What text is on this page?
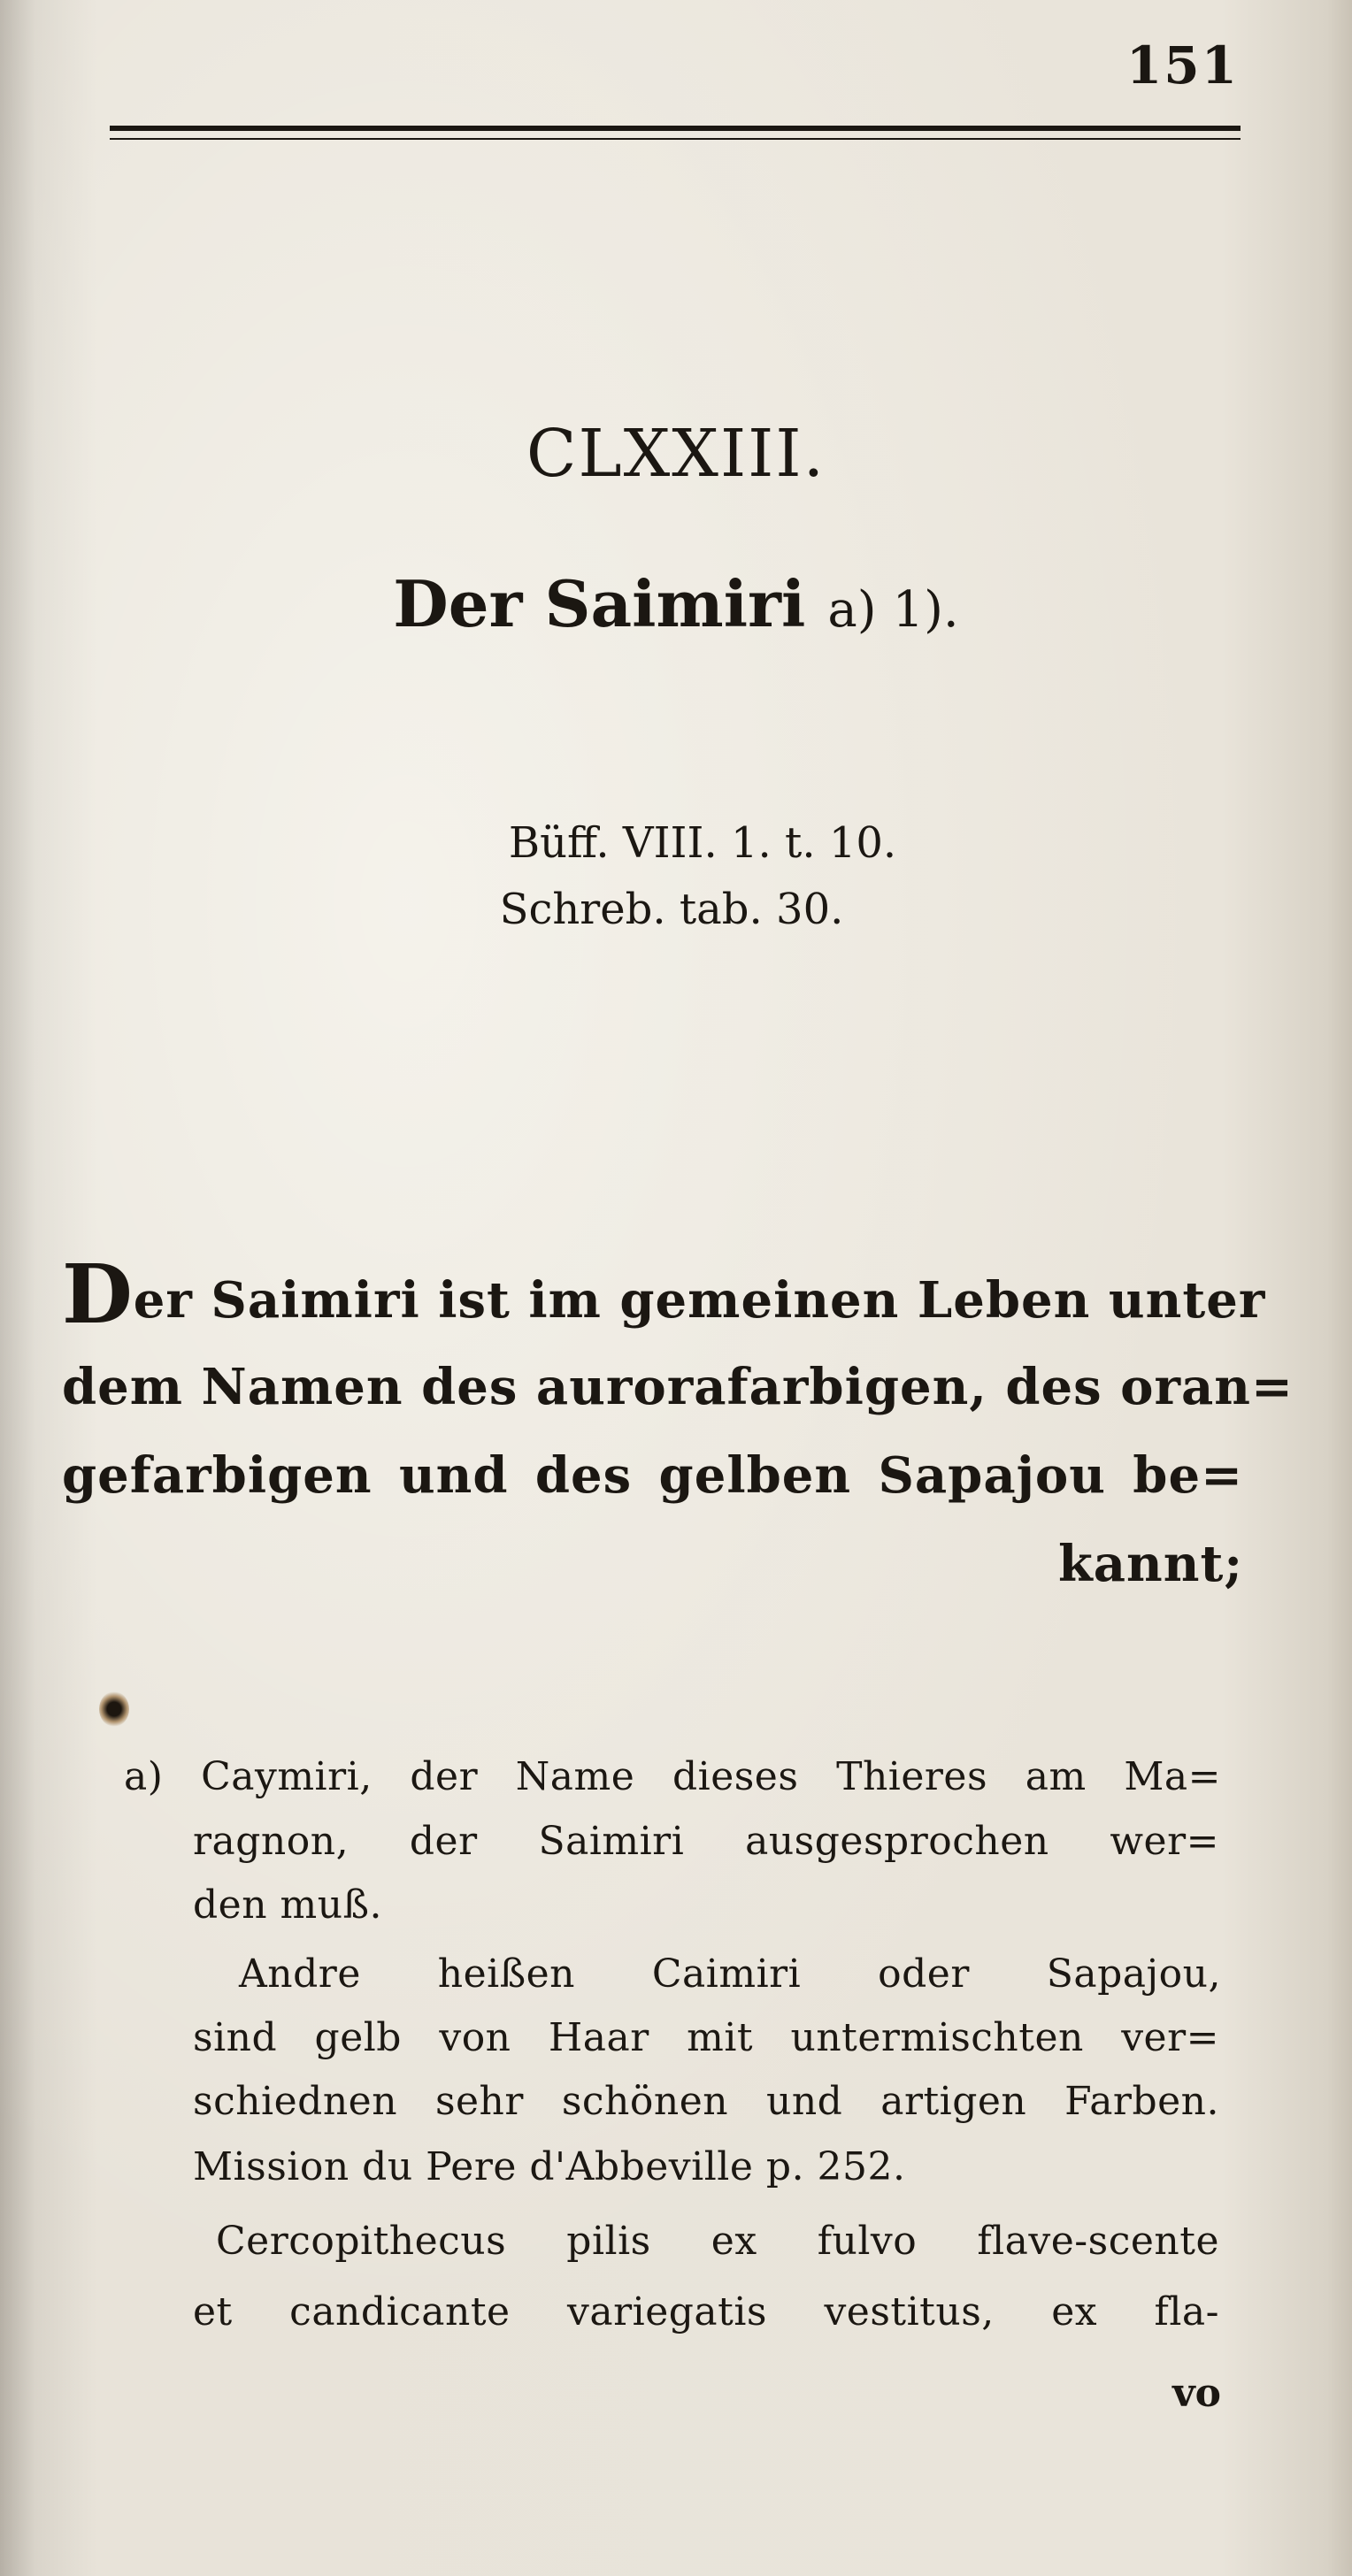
151
CLXXIII.
Der Saimiri a) 1).
Büff. VIII. 1. t. 10.
Schreb. tab. 30.
Der Saimiri ist im gemeinen Leben unter
dem Namen des aurorafarbigen, des oran=
gefarbigen und des gelben Sapajou be=
kannt;
a) Caymiri, der Name dieses Thieres am Ma=
ragnon, der Saimiri ausgesprochen wer=
den muß.
Andre heißen Caimiri oder Sapajou,
sind gelb von Haar mit untermischten ver=
schiednen sehr schönen und artigen Farben.
Mission du Pere d'Abbeville p. 252.
Cercopithecus pilis ex fulvo flave-scente
et candicante variegatis vestitus, ex fla-
vo
